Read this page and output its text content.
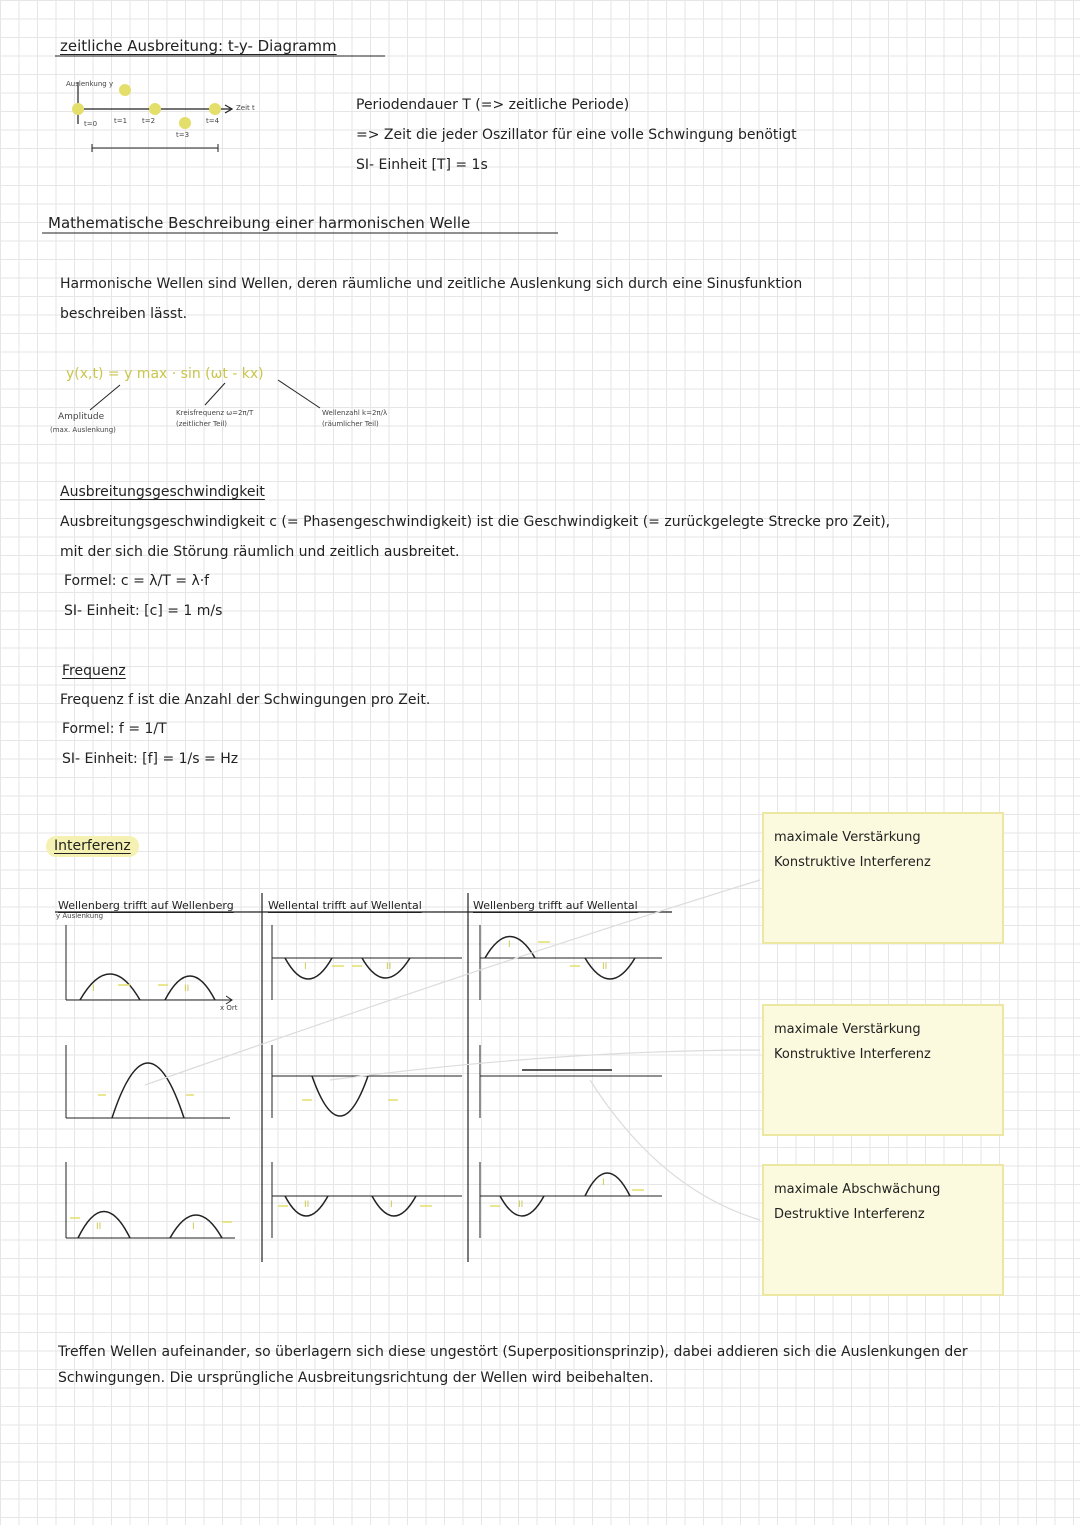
zeitliche Ausbreitung: t-y- Diagramm
Auslenkung y
Zeit t
t=0 t=1 t=2
t=3
t=4
Periodendauer T (=> zeitliche Periode)
=> Zeit die jeder Oszillator für eine volle Schwingung benötigt
SI- Einheit [T] = 1s
Mathematische Beschreibung einer harmonischen Welle
Harmonische Wellen sind Wellen, deren räumliche und zeitliche Auslenkung sich durch eine Sinusfunktion
beschreiben lässt.
y(x,t) = y max · sin (ωt - kx)
Amplitude
(max. Auslenkung)
Kreisfrequenz ω=2π/T
(zeitlicher Teil)
Wellenzahl k=2π/λ
(räumlicher Teil)
Ausbreitungsgeschwindigkeit
Ausbreitungsgeschwindigkeit c (= Phasengeschwindigkeit) ist die Geschwindigkeit (= zurückgelegte Strecke pro Zeit),
mit der sich die Störung räumlich und zeitlich ausbreitet.
Formel: c = λ/T = λ·f
SI- Einheit: [c] = 1 m/s
Frequenz
Frequenz f ist die Anzahl der Schwingungen pro Zeit.
Formel: f = 1/T
SI- Einheit: [f] = 1/s = Hz
Interferenz
Wellenberg trifft auf Wellenberg	Wellental trifft auf Wellental	Wellenberg trifft auf Wellental
y Auslenkung
x Ort
I	II
II	I
I	II
II	I
I
II
II
I
maximale Verstärkung
Konstruktive Interferenz
maximale Verstärkung
Konstruktive Interferenz
maximale Abschwächung
Destruktive Interferenz
Treffen Wellen aufeinander, so überlagern sich diese ungestört (Superpositionsprinzip), dabei addieren sich die Auslenkungen der Schwingungen. Die ursprüngliche Ausbreitungsrichtung der Wellen wird beibehalten.
